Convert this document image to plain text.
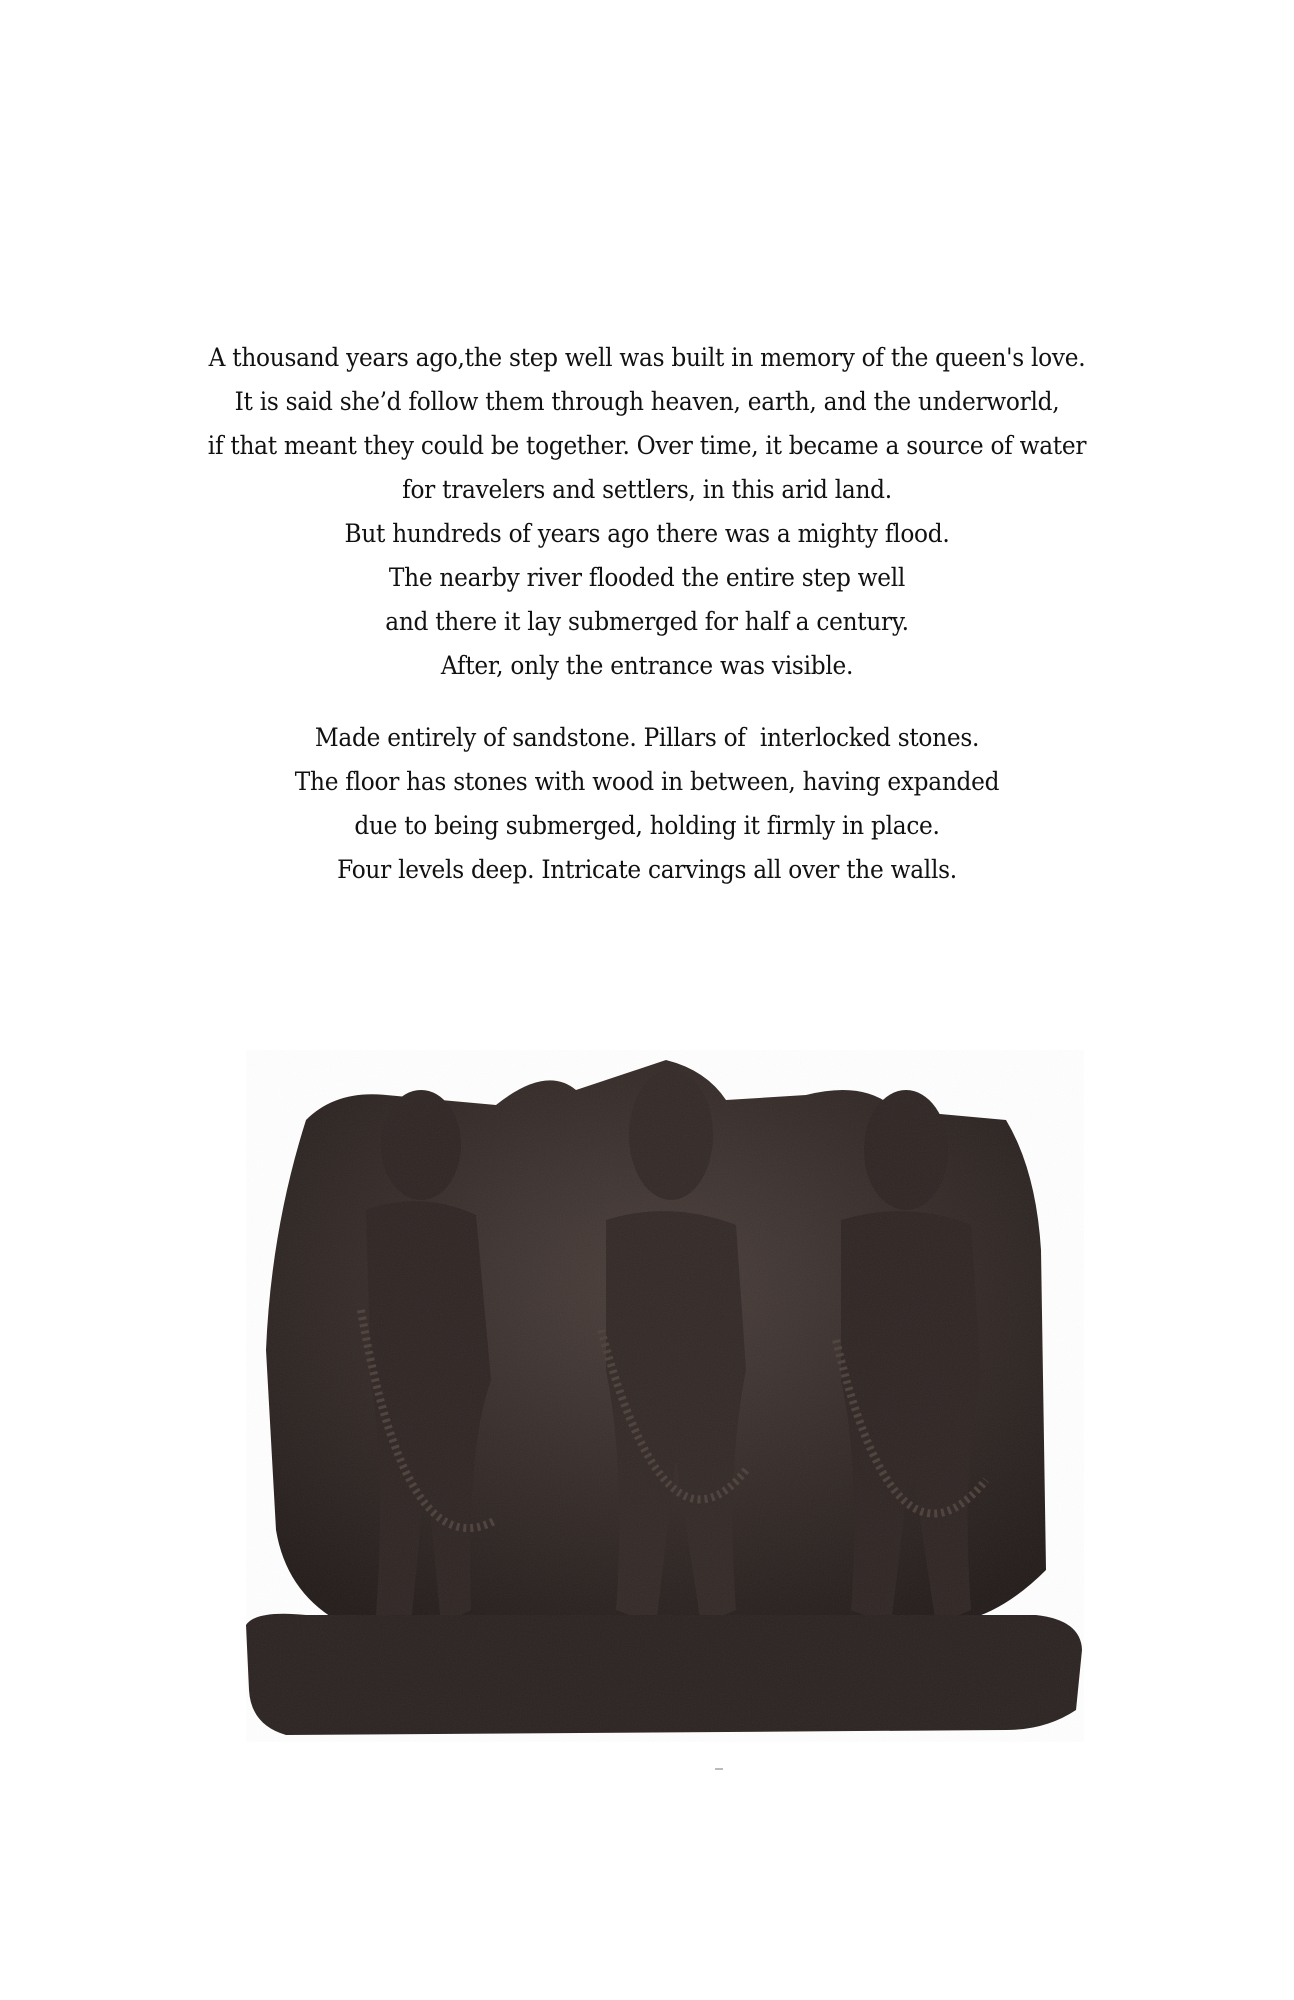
A thousand years ago,the step well was built in memory of the queen's love.
It is said she’d follow them through heaven, earth, and the underworld,
if that meant they could be together. Over time, it became a source of water
for travelers and settlers, in this arid land.
But hundreds of years ago there was a mighty flood.
The nearby river flooded the entire step well
and there it lay submerged for half a century.
After, only the entrance was visible.
Made entirely of sandstone. Pillars of  interlocked stones.
The floor has stones with wood in between, having expanded
due to being submerged, holding it firmly in place.
Four levels deep. Intricate carvings all over the walls.
